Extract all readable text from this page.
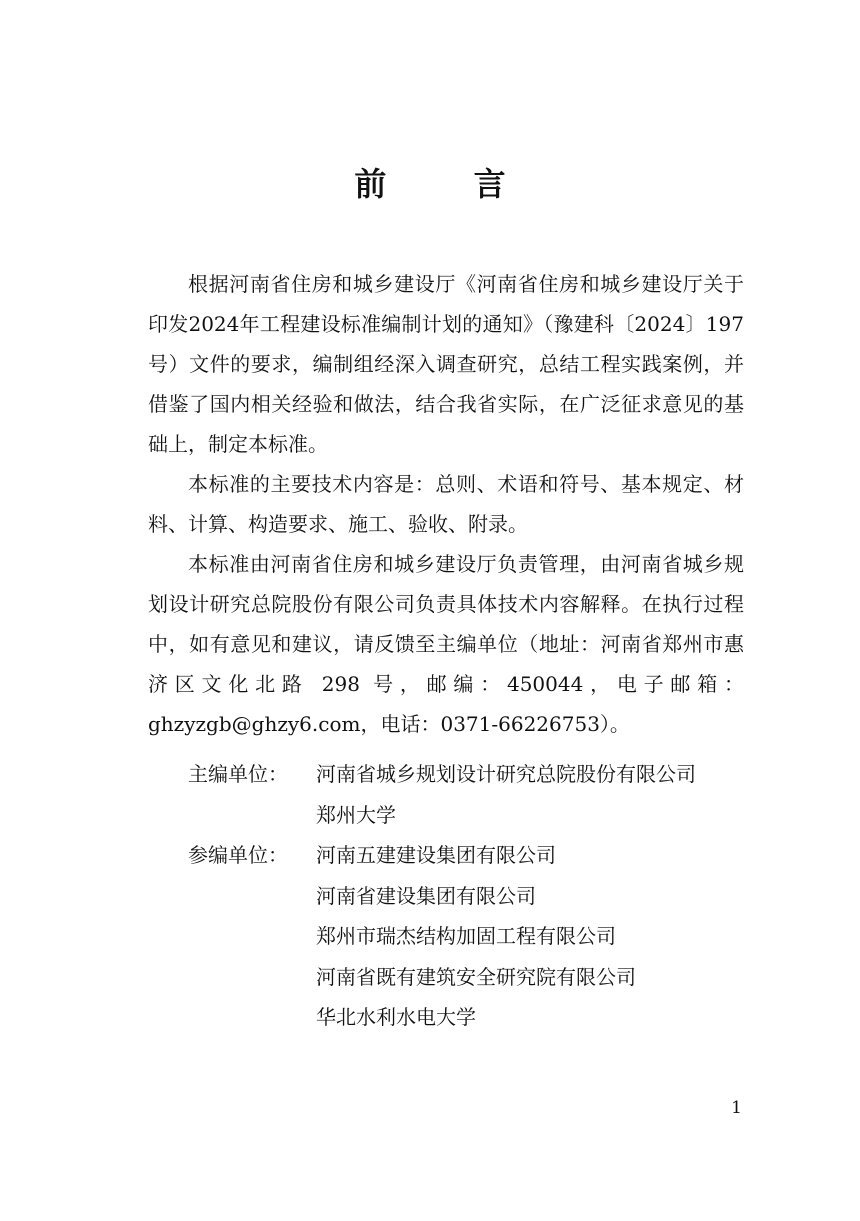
前 言

根据河南省住房和城乡建设厅《河南省住房和城乡建设厅关于印发2024年工程建设标准编制计划的通知》（豫建科〔2024〕197号）文件的要求，编制组经深入调查研究，总结工程实践案例，并借鉴了国内相关经验和做法，结合我省实际，在广泛征求意见的基础上，制定本标准。

本标准的主要技术内容是：总则、术语和符号、基本规定、材料、计算、构造要求、施工、验收、附录。

本标准由河南省住房和城乡建设厅负责管理，由河南省城乡规划设计研究总院股份有限公司负责具体技术内容解释。在执行过程中，如有意见和建议，请反馈至主编单位（地址：河南省郑州市惠济区文化北路 298 号，邮编：450044，电子邮箱：ghzyzgb@ghzy6.com，电话：0371-66226753）。

主编单位：	河南省城乡规划设计研究总院股份有限公司
郑州大学
参编单位：	河南五建建设集团有限公司
河南省建设集团有限公司
郑州市瑞杰结构加固工程有限公司
河南省既有建筑安全研究院有限公司
华北水利水电大学
1
